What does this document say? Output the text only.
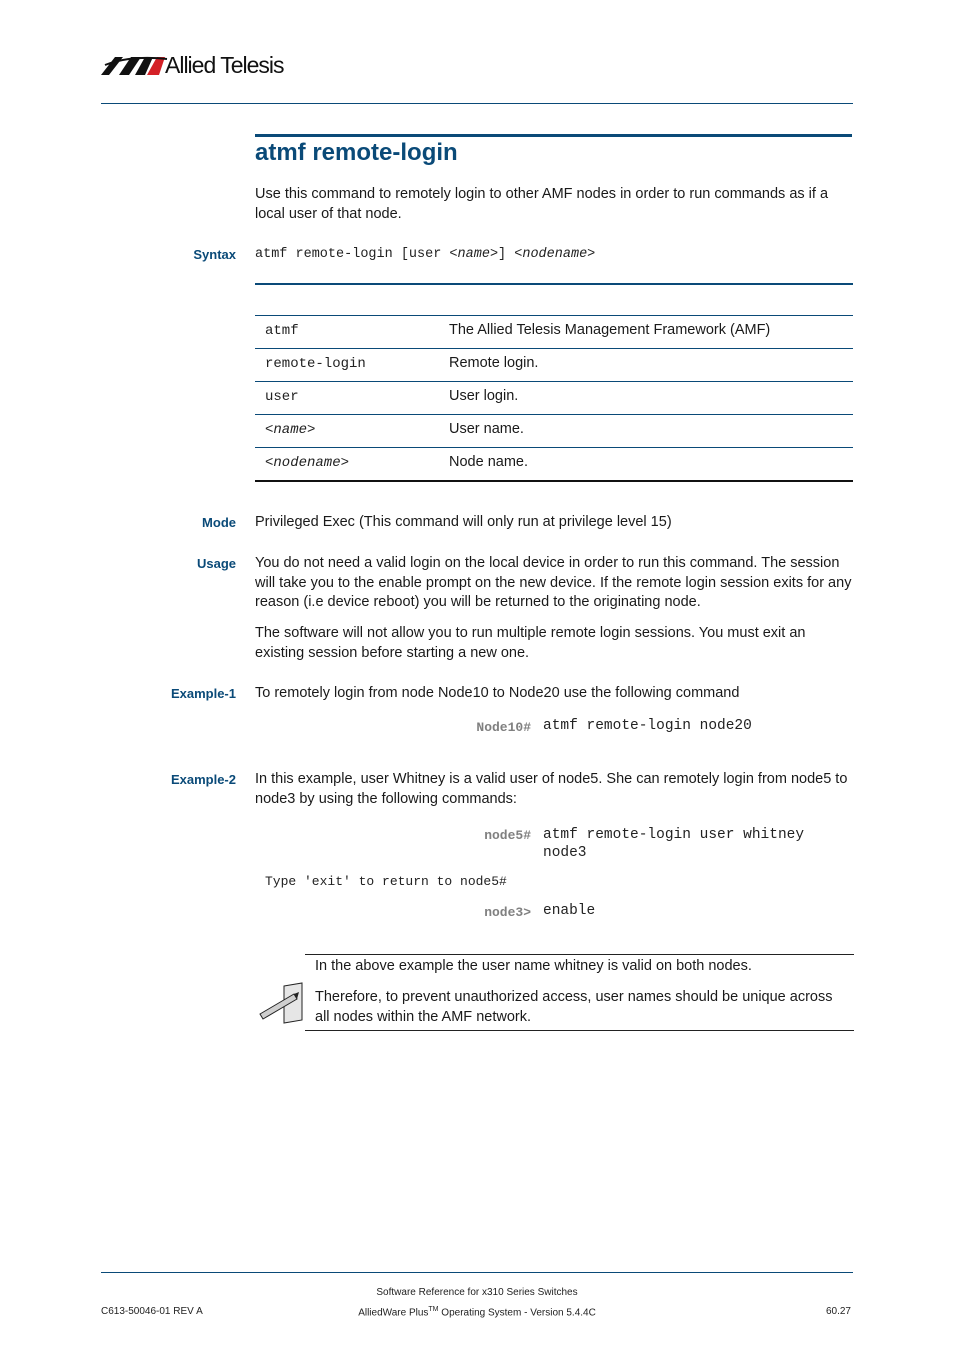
Allied Telesis
atmf remote-login
Use this command to remotely login to other AMF nodes in order to run commands as if a local user of that node.
Syntax atmf remote-login [user <name>] <nodename>
atmf	The Allied Telesis Management Framework (AMF)
remote-login	Remote login.
user	User login.
<name>	User name.
<nodename>	Node name.
Mode Privileged Exec (This command will only run at privilege level 15)
Usage You do not need a valid login on the local device in order to run this command. The session will take you to the enable prompt on the new device. If the remote login session exits for any reason (i.e device reboot) you will be returned to the originating node.
The software will not allow you to run multiple remote login sessions. You must exit an existing session before starting a new one.
Example-1 To remotely login from node Node10 to Node20 use the following command
Node10# atmf remote-login node20
Example-2 In this example, user Whitney is a valid user of node5. She can remotely login from node5 to node3 by using the following commands:
node5# atmf remote-login user whitney
node3
Type 'exit' to return to node5#
node3> enable
In the above example the user name whitney is valid on both nodes.
Therefore, to prevent unauthorized access, user names should be unique across all nodes within the AMF network.
Software Reference for x310 Series Switches
C613-50046-01 REV A	AlliedWare Plus™ Operating System - Version 5.4.4C	60.27
